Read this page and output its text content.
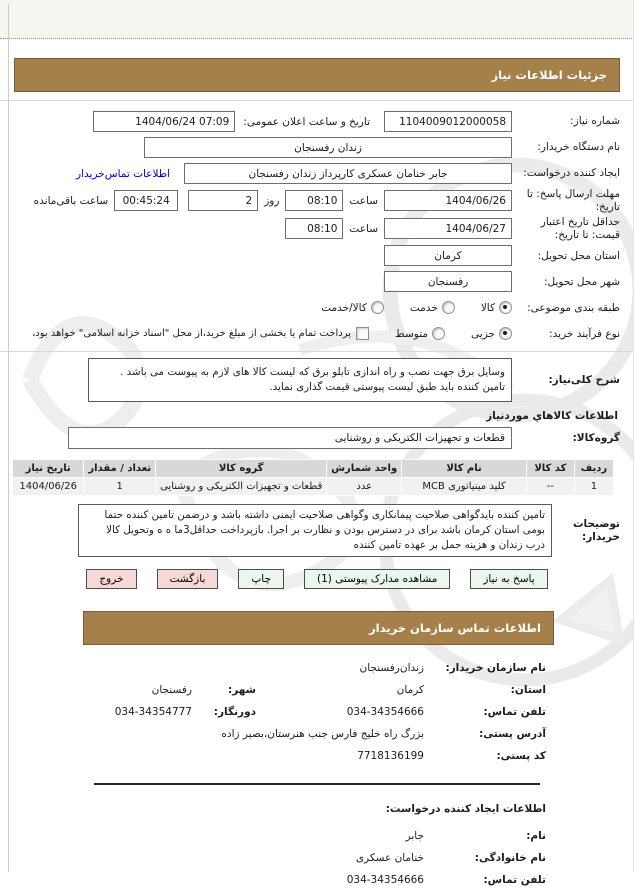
جزئیات اطلاعات نیاز
شماره نیاز:
1104009012000058
تاریخ و ساعت اعلان عمومی:
1404/06/24 07:09
نام دستگاه خریدار:
زندان رفسنجان
ایجاد کننده درخواست:
جابر خنامان عسکری کارپرداز زندان رفسنجان
اطلاعات تماس‌خریدار
مهلت ارسال پاسخ: تا تاریخ:
1404/06/26
ساعت
08:10
روز
2
00:45:24
ساعت باقی‌مانده
حداقل تاریخ اعتبار قیمت: تا تاریخ:
1404/06/27
ساعت
08:10
استان محل تحویل:
کرمان
شهر محل تحویل:
رفسنجان
طبقه بندی موضوعی:
کالا
خدمت
کالا/خدمت
نوع فرآیند خرید:
جزیی
متوسط
پرداخت تمام یا بخشی از مبلغ خرید،از محل "اسناد خزانه اسلامی" خواهد بود،
شرح کلی‌نیاز:
وسایل برق جهت نصب و راه اندازی تابلو برق که لیست کالا های لازم به پیوست می باشد . تامین کننده باید طبق لیست پیوستی قیمت گذاری نماید.
اطلاعات کالاهاي موردنیاز
گروه‌کالا:
قطعات و تجهیزات الکتریکی و روشنایی
ردیف	کد کالا	نام کالا	واحد شمارش	گروه کالا	تعداد / مقدار	تاریخ نیاز
1	--	کلید مینیاتوری MCB	عدد	قطعات و تجهیزات الکتریکی و روشنایی	1	1404/06/26
توضیحات خریدار:
تامین کننده بایدگواهی صلاحیت پیمانکاری وگواهی صلاحیت ایمنی داشته باشد و درضمن تامین کننده حتما بومی استان کرمان باشد برای در دسترس بودن و نظارت بر اجرا. بازپرداخت حداقل3ما ه ه وتحویل کالا درب زندان و هزینه حمل بر عهده تامین کننده
پاسخ به نیاز
مشاهده مدارک پیوستی (1)
چاپ
بازگشت
خروج
اطلاعات تماس سازمان خریدار
نام سازمان خریدار:
زندان‌رفسنجان
استان:
کرمان
شهر:
رفسنجان
تلفن تماس:
034-34354666
دورنگار:
034-34354777
آدرس پستی:
بزرگ راه خلیج فارس جنب هنرستان،بصیر زاده
کد پستی:
7718136199
اطلاعات ایجاد کننده درخواست:
نام:
جابر
نام خانوادگی:
خنامان عسکری
تلفن تماس:
034-34354666
